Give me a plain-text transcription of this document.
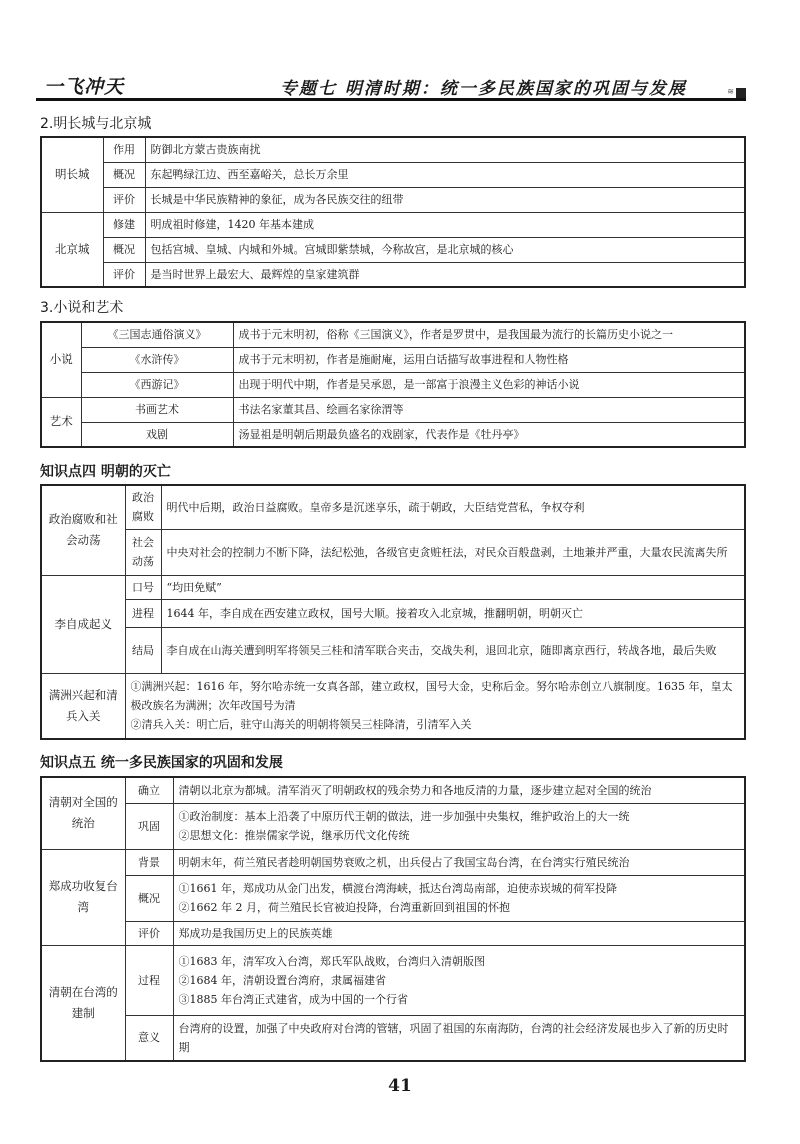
一飞冲天	专题七 明清时期：统一多民族国家的巩固与发展	≋
2.明长城与北京城
明长城	作用	防御北方蒙古贵族南扰
	概况	东起鸭绿江边、西至嘉峪关，总长万余里
	评价	长城是中华民族精神的象征，成为各民族交往的纽带
北京城	修建	明成祖时修建，1420 年基本建成
	概况	包括宫城、皇城、内城和外城。宫城即紫禁城，今称故宫，是北京城的核心
	评价	是当时世界上最宏大、最辉煌的皇家建筑群
3.小说和艺术
小说	《三国志通俗演义》	成书于元末明初，俗称《三国演义》，作者是罗贯中，是我国最为流行的长篇历史小说之一
	《水浒传》	成书于元末明初，作者是施耐庵，运用白话描写故事进程和人物性格
	《西游记》	出现于明代中期，作者是吴承恩，是一部富于浪漫主义色彩的神话小说
艺术	书画艺术	书法名家董其昌、绘画名家徐渭等
	戏剧	汤显祖是明朝后期最负盛名的戏剧家，代表作是《牡丹亭》
知识点四 明朝的灭亡
政治腐败和社会动荡	政治腐败	明代中后期，政治日益腐败。皇帝多是沉迷享乐，疏于朝政，大臣结党营私，争权夺利
	社会动荡	中央对社会的控制力不断下降，法纪松弛，各级官吏贪赃枉法，对民众百般盘剥，土地兼并严重，大量农民流离失所
李自成起义	口号	“均田免赋”
	进程	1644 年，李自成在西安建立政权，国号大顺。接着攻入北京城，推翻明朝，明朝灭亡
	结局	李自成在山海关遭到明军将领吴三桂和清军联合夹击，交战失利，退回北京，随即离京西行，转战各地，最后失败
满洲兴起和清兵入关	①满洲兴起：1616 年，努尔哈赤统一女真各部，建立政权，国号大金，史称后金。努尔哈赤创立八旗制度。1635 年，皇太极改族名为满洲；次年改国号为清
②清兵入关：明亡后，驻守山海关的明朝将领吴三桂降清，引清军入关	
知识点五 统一多民族国家的巩固和发展
清朝对全国的统治	确立	清朝以北京为都城。清军消灭了明朝政权的残余势力和各地反清的力量，逐步建立起对全国的统治
	巩固	①政治制度：基本上沿袭了中原历代王朝的做法，进一步加强中央集权，维护政治上的大一统
②思想文化：推崇儒家学说，继承历代文化传统

郑成功收复台湾	背景	明朝末年，荷兰殖民者趁明朝国势衰败之机，出兵侵占了我国宝岛台湾，在台湾实行殖民统治
	概况	①1661 年，郑成功从金门出发，横渡台湾海峡，抵达台湾岛南部，迫使赤崁城的荷军投降
②1662 年 2 月，荷兰殖民长官被迫投降，台湾重新回到祖国的怀抱

	评价	郑成功是我国历史上的民族英雄
清朝在台湾的建制	过程	①1683 年，清军攻入台湾，郑氏军队战败，台湾归入清朝版图
②1684 年，清朝设置台湾府，隶属福建省
③1885 年台湾正式建省，成为中国的一个行省

	意义	台湾府的设置，加强了中央政府对台湾的管辖，巩固了祖国的东南海防，台湾的社会经济发展也步入了新的历史时期
41
